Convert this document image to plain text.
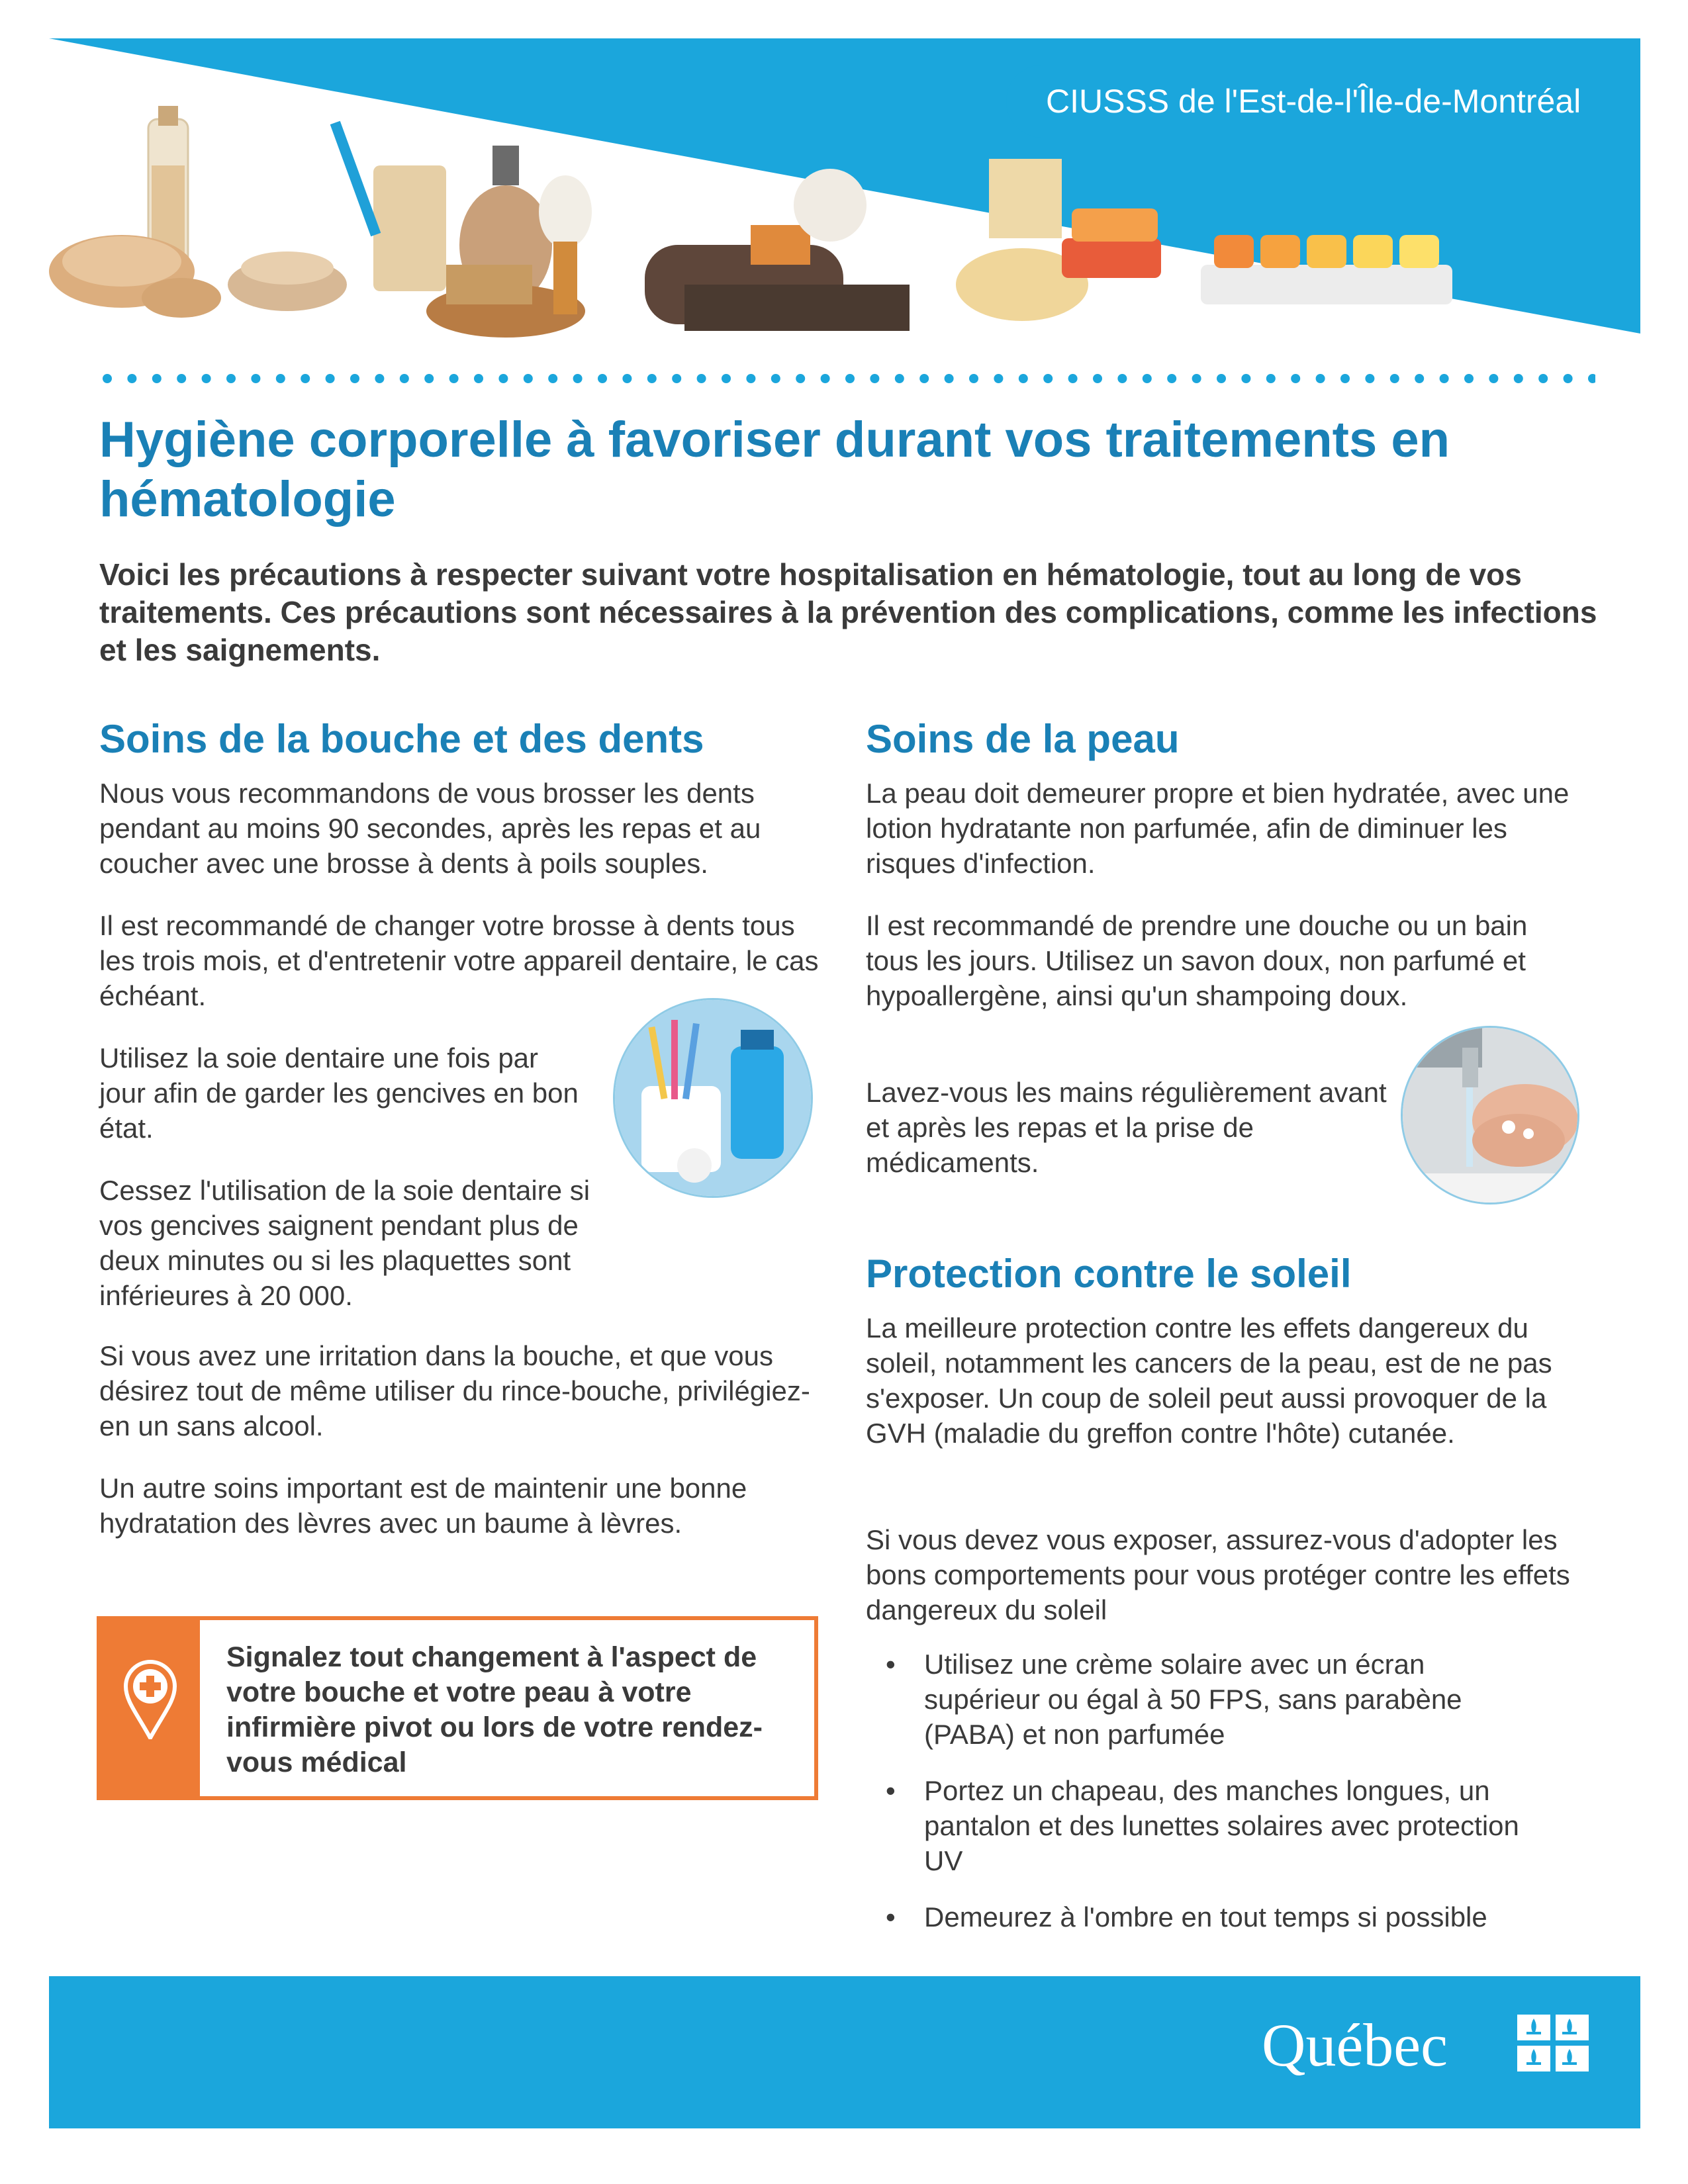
CIUSSS de l'Est-de-l'Île-de-Montréal
Hygiène corporelle à favoriser durant vos traitements en hématologie

Voici les précautions à respecter suivant votre hospitalisation en hématologie, tout au long de vos traitements. Ces précautions sont nécessaires à la prévention des complications, comme les infections et les saignements.

Soins de la bouche et des dents

Nous vous recommandons de vous brosser les dents pendant au moins 90 secondes, après les repas et au coucher avec une brosse à dents à poils souples.

Il est recommandé de changer votre brosse à dents tous les trois mois, et d'entretenir votre appareil dentaire, le cas échéant.

Utilisez la soie dentaire une fois par jour afin de garder les gencives en bon état.

Cessez l'utilisation de la soie dentaire si vos gencives saignent pendant plus de deux minutes ou si les plaquettes sont inférieures à 20 000.

Si vous avez une irritation dans la bouche, et que vous désirez tout de même utiliser du rince-bouche, privilégiez-en un sans alcool.

Un autre soins important est de maintenir une bonne hydratation des lèvres avec un baume à lèvres.

Signalez tout changement à l'aspect de votre bouche et votre peau à votre infirmière pivot ou lors de votre rendez-vous médical

Soins de la peau

La peau doit demeurer propre et bien hydratée, avec une lotion hydratante non parfumée, afin de diminuer les risques d'infection.

Il est recommandé de prendre une douche ou un bain tous les jours. Utilisez un savon doux, non parfumé et hypoallergène, ainsi qu'un shampoing doux.

Lavez-vous les mains régulièrement avant et après les repas et la prise de médicaments.

Protection contre le soleil

La meilleure protection contre les effets dangereux du soleil, notamment les cancers de la peau, est de ne pas s'exposer. Un coup de soleil peut aussi provoquer de la GVH (maladie du greffon contre l'hôte) cutanée.

Si vous devez vous exposer, assurez-vous d'adopter les bons comportements pour vous protéger contre les effets dangereux du soleil

• Utilisez une crème solaire avec un écran supérieur ou égal à 50 FPS, sans parabène (PABA) et non parfumée
• Portez un chapeau, des manches longues, un pantalon et des lunettes solaires avec protection UV
• Demeurez à l'ombre en tout temps si possible
Québec
